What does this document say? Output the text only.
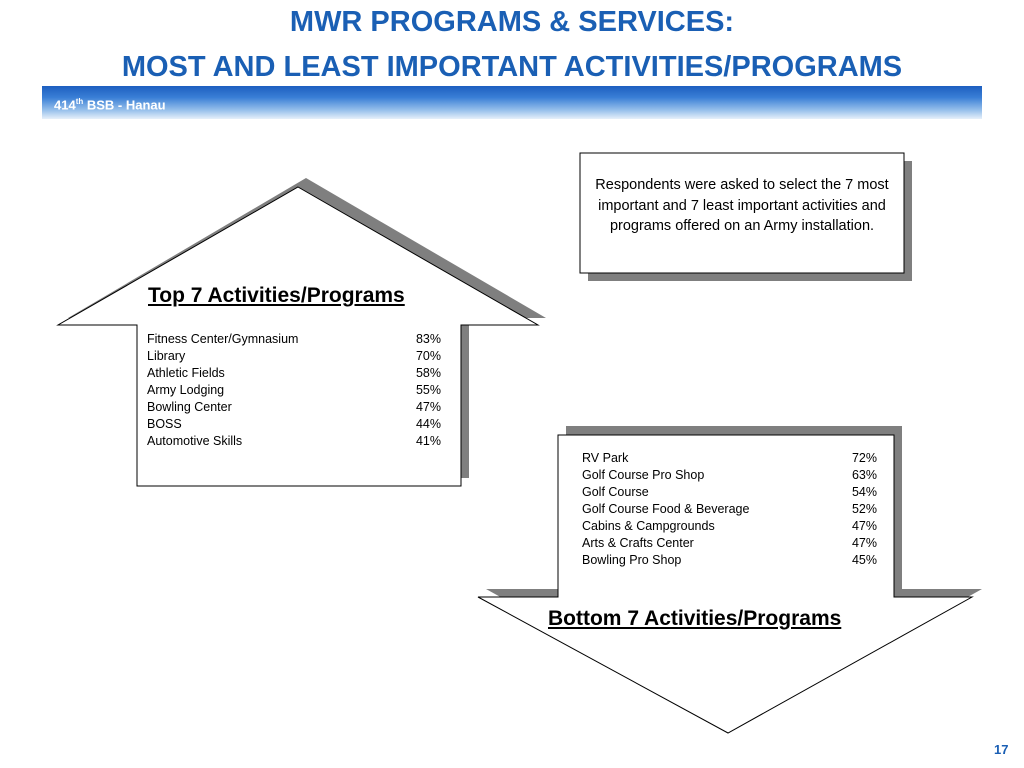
MWR PROGRAMS & SERVICES:
MOST AND LEAST IMPORTANT ACTIVITIES/PROGRAMS
414th BSB - Hanau
Respondents were asked to select the 7 most important and 7 least important activities and programs offered on an Army installation.
Top 7 Activities/Programs
Fitness Center/Gymnasium	83%
Library	70%
Athletic Fields	58%
Army Lodging	55%
Bowling Center	47%
BOSS	44%
Automotive Skills	41%
RV Park	72%
Golf Course Pro Shop	63%
Golf Course	54%
Golf Course Food & Beverage	52%
Cabins & Campgrounds	47%
Arts & Crafts Center	47%
Bowling Pro Shop	45%
Bottom 7 Activities/Programs
17
